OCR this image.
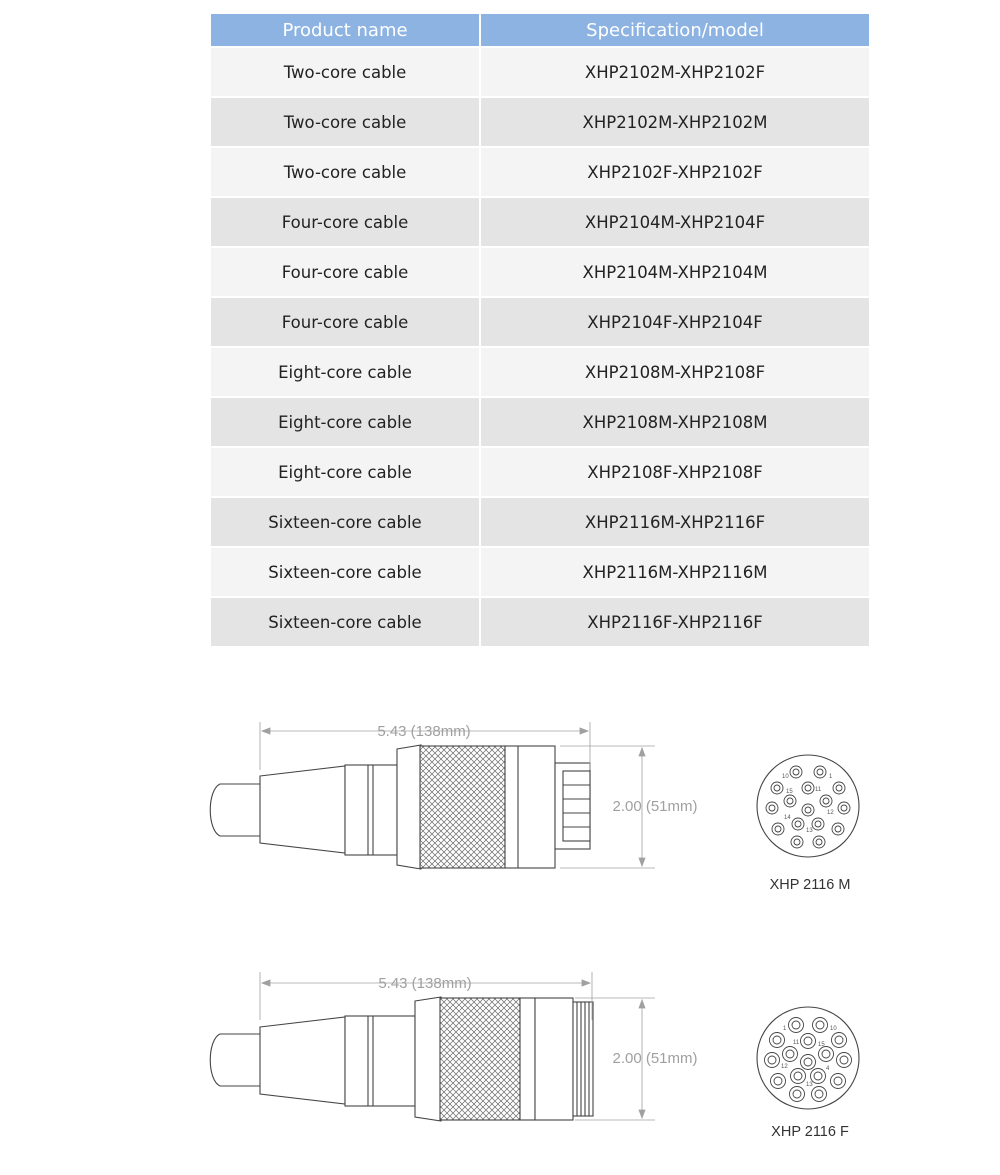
Product name	Specification/model
Two-core cable	XHP2102M-XHP2102F
Two-core cable	XHP2102M-XHP2102M
Two-core cable	XHP2102F-XHP2102F
Four-core cable	XHP2104M-XHP2104F
Four-core cable	XHP2104M-XHP2104M
Four-core cable	XHP2104F-XHP2104F
Eight-core cable	XHP2108M-XHP2108F
Eight-core cable	XHP2108M-XHP2108M
Eight-core cable	XHP2108F-XHP2108F
Sixteen-core cable	XHP2116M-XHP2116F
Sixteen-core cable	XHP2116M-XHP2116M
Sixteen-core cable	XHP2116F-XHP2116F
5.43 (138mm)
2.00 (51mm)
10	1
15	11
12
14
13
XHP 2116 M
5.43 (138mm)
2.00 (51mm)
10
1
11	15
12	4
13
XHP 2116 F
